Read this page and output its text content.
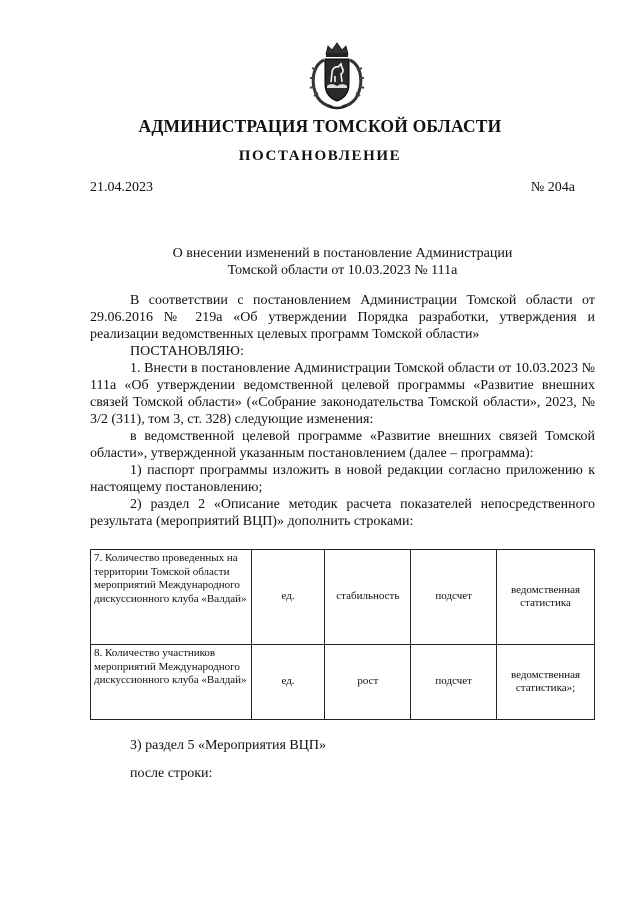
АДМИНИСТРАЦИЯ ТОМСКОЙ ОБЛАСТИ
ПОСТАНОВЛЕНИЕ
21.04.2023	№ 204а
О внесении изменений в постановление Администрации
Томской области от 10.03.2023 № 111а

В соответствии с постановлением Администрации Томской области от 29.06.2016 № 219а «Об утверждении Порядка разработки, утверждения и реализации ведомственных целевых программ Томской области»

ПОСТАНОВЛЯЮ:

1. Внести в постановление Администрации Томской области от 10.03.2023 № 111а «Об утверждении ведомственной целевой программы «Развитие внешних связей Томской области» («Собрание законодательства Томской области», 2023, № 3/2 (311), том 3, ст. 328) следующие изменения:

в ведомственной целевой программе «Развитие внешних связей Томской области», утвержденной указанным постановлением (далее – программа):

1) паспорт программы изложить в новой редакции согласно приложению к настоящему постановлению;

2) раздел 2 «Описание методик расчета показателей непосредственного результата (мероприятий ВЦП)» дополнить строками:

7. Количество проведенных на территории Томской области мероприятий Международного дискуссионного клуба «Валдай»	ед.	стабильность	подсчет	ведомственная статистика
8. Количество участников мероприятий Международного дискуссионного клуба «Валдай»	ед.	рост	подсчет	ведомственная статистика»;
3) раздел 5 «Мероприятия ВЦП»
после строки:
